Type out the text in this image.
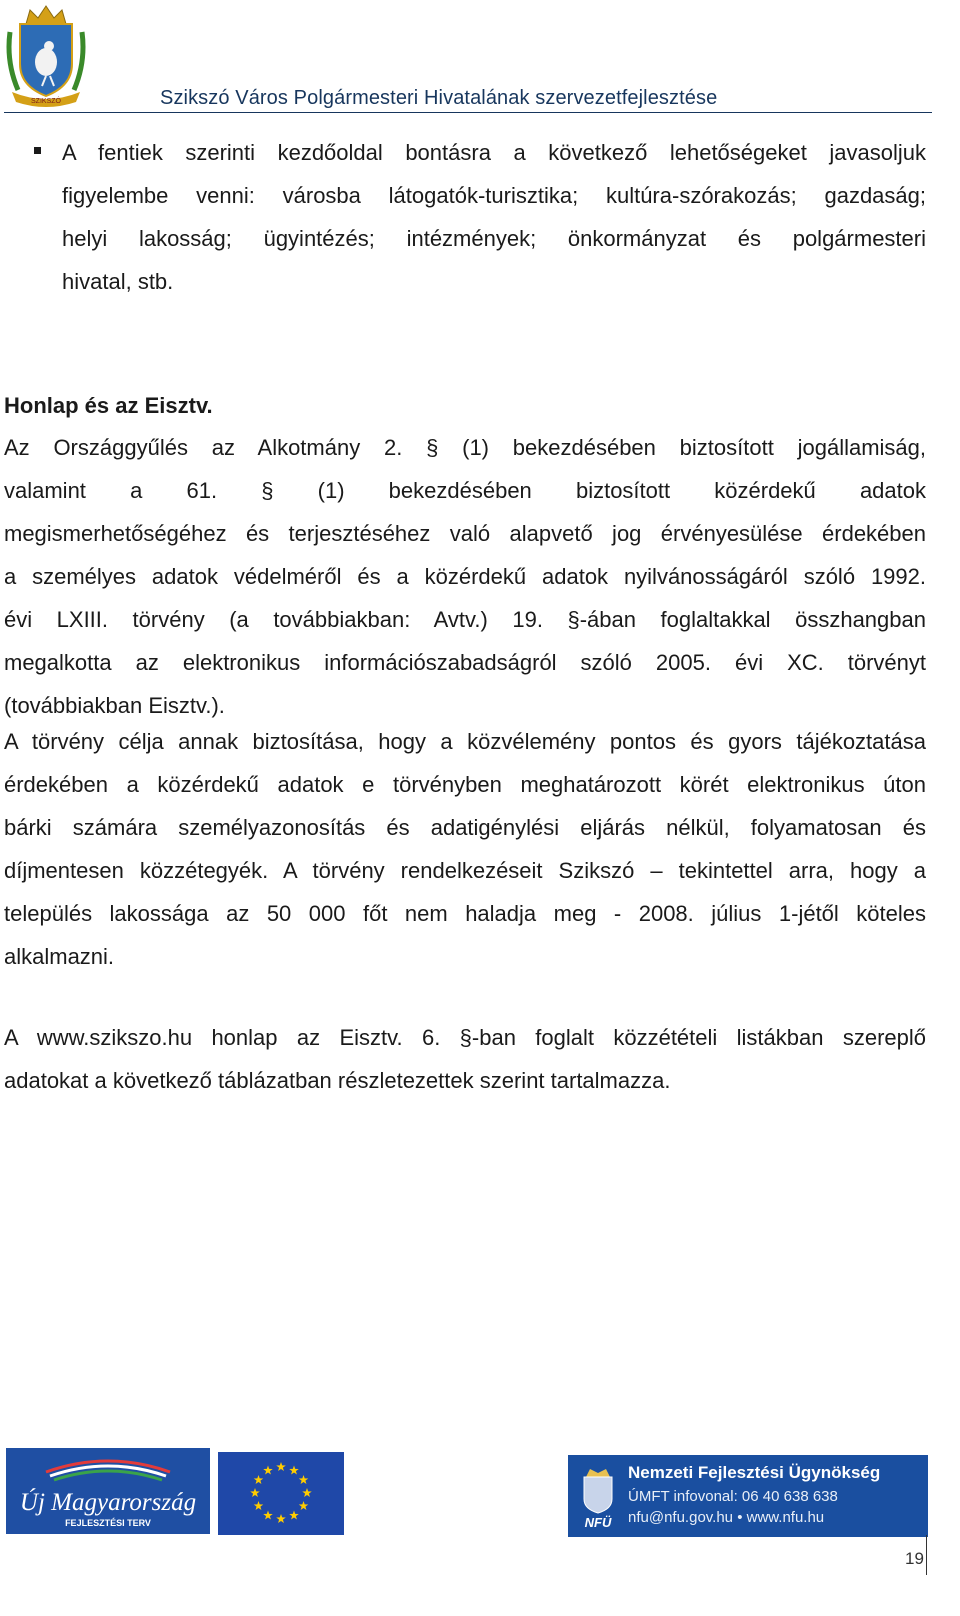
SZIKSZÓ	Szikszó Város Polgármesteri Hivatalának szervezetfejlesztése
A fentiek szerinti kezdőoldal bontásra a következő lehetőségeket javasoljuk
figyelembe venni: városba látogatók-turisztika; kultúra-szórakozás; gazdaság;
helyi lakosság; ügyintézés; intézmények; önkormányzat és polgármesteri
hivatal, stb.
Honlap és az Eisztv.
Az Országgyűlés az Alkotmány 2. § (1) bekezdésében biztosított jogállamiság,
valamint a 61. § (1) bekezdésében biztosított közérdekű adatok
megismerhetőségéhez és terjesztéséhez való alapvető jog érvényesülése érdekében
a személyes adatok védelméről és a közérdekű adatok nyilvánosságáról szóló 1992.
évi LXIII. törvény (a továbbiakban: Avtv.) 19. §-ában foglaltakkal összhangban
megalkotta az elektronikus információszabadságról szóló 2005. évi XC. törvényt
(továbbiakban Eisztv.).
A törvény célja annak biztosítása, hogy a közvélemény pontos és gyors tájékoztatása
érdekében a közérdekű adatok e törvényben meghatározott körét elektronikus úton
bárki számára személyazonosítás és adatigénylési eljárás nélkül, folyamatosan és
díjmentesen közzétegyék. A törvény rendelkezéseit Szikszó – tekintettel arra, hogy a
település lakossága az 50 000 főt nem haladja meg - 2008. július 1-jétől köteles
alkalmazni.
A www.szikszo.hu honlap az Eisztv. 6. §-ban foglalt közzétételi listákban szereplő
adatokat a következő táblázatban részletezettek szerint tartalmazza.
Új Magyarország
FEJLESZTÉSI TERV	NFÜ
Nemzeti Fejlesztési Ügynökség
ÚMFT infovonal: 06 40 638 638
nfu@nfu.gov.hu • www.nfu.hu
19
